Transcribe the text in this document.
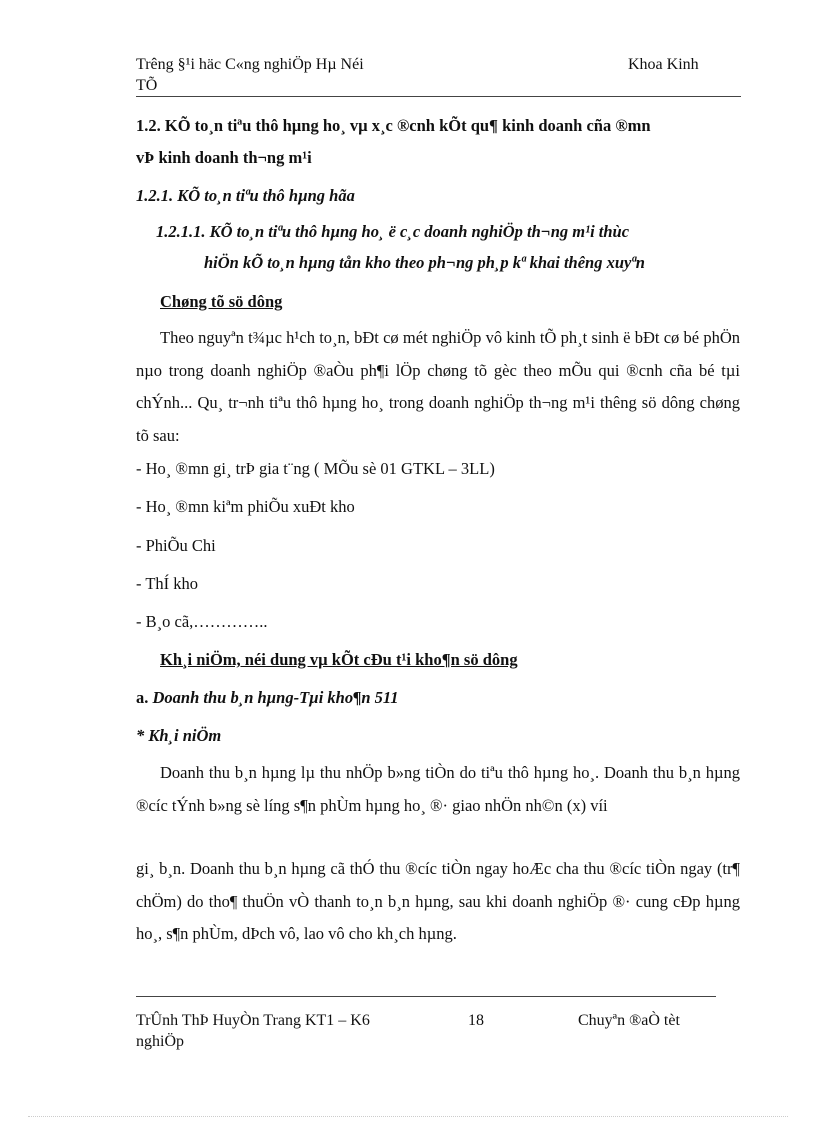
Trêng §¹i häc C«ng nghiÖp Hµ Néi
TÕ
Khoa Kinh
1.2. KÕ to¸n tiªu thô hµng ho¸ vµ x¸c ®cnh kÕt qu¶ kinh doanh cña ®mn
vÞ kinh doanh th¬ng m¹i
1.2.1. KÕ to¸n tiªu thô hµng hãa
1.2.1.1. KÕ to¸n tiªu thô hµng ho¸ ë c¸c doanh nghiÖp th¬ng m¹i thùc
hiÖn kÕ to¸n hµng tån kho theo ph¬ng ph¸p kª khai thêng xuyªn
Chøng tõ sö dông
Theo nguyªn t¾µc h¹ch to¸n, bÐt cø mét nghiÖp vô kinh tÕ ph¸t sinh ë bÐt cø bé phÖn nµo trong doanh nghiÖp ®aÒu ph¶i lÖp chøng tõ gèc theo mÕu qui ®cnh cña bé tµi chÝnh... Qu¸ tr¬nh tiªu thô hµng ho¸ trong doanh nghiÖp th¬ng m¹i thêng sö dông chøng tõ sau:
- Ho¸ ®mn gi¸ trÞ gia t¨ng ( MÕu sè 01 GTKL – 3LL)
- Ho¸ ®mn kiªm phiÕu xuÐt kho
- PhiÕu Chi
- ThÍ kho
- B¸o cã,…………..
Kh¸i niÖm, néi dung vµ kÕt cÐu t¹i kho¶n sö dông
a. Doanh thu b¸n hµng-Tµi kho¶n 511
* Kh¸i niÖm
Doanh thu b¸n hµng lµ thu nhÖp b»ng tiÒn do tiªu thô hµng ho¸. Doanh thu b¸n hµng ®cíc tÝnh b»ng sè líng s¶n phÙm hµng ho¸ ®· giao nhÖn nh©n (x) víi
gi¸ b¸n. Doanh thu b¸n hµng cã thÓ thu ®cíc tiÒn ngay hoÆc cha thu ®cíc tiÒn ngay (tr¶ chÖm) do tho¶ thuÖn vÒ thanh to¸n b¸n hµng, sau khi doanh nghiÖp ®· cung cÐp hµng ho¸, s¶n phÙm, dÞch vô, lao vô cho kh¸ch hµng.
TrÛnh ThÞ HuyÒn Trang KT1 – K6
nghiÖp
18	Chuyªn ®aÒ tèt
